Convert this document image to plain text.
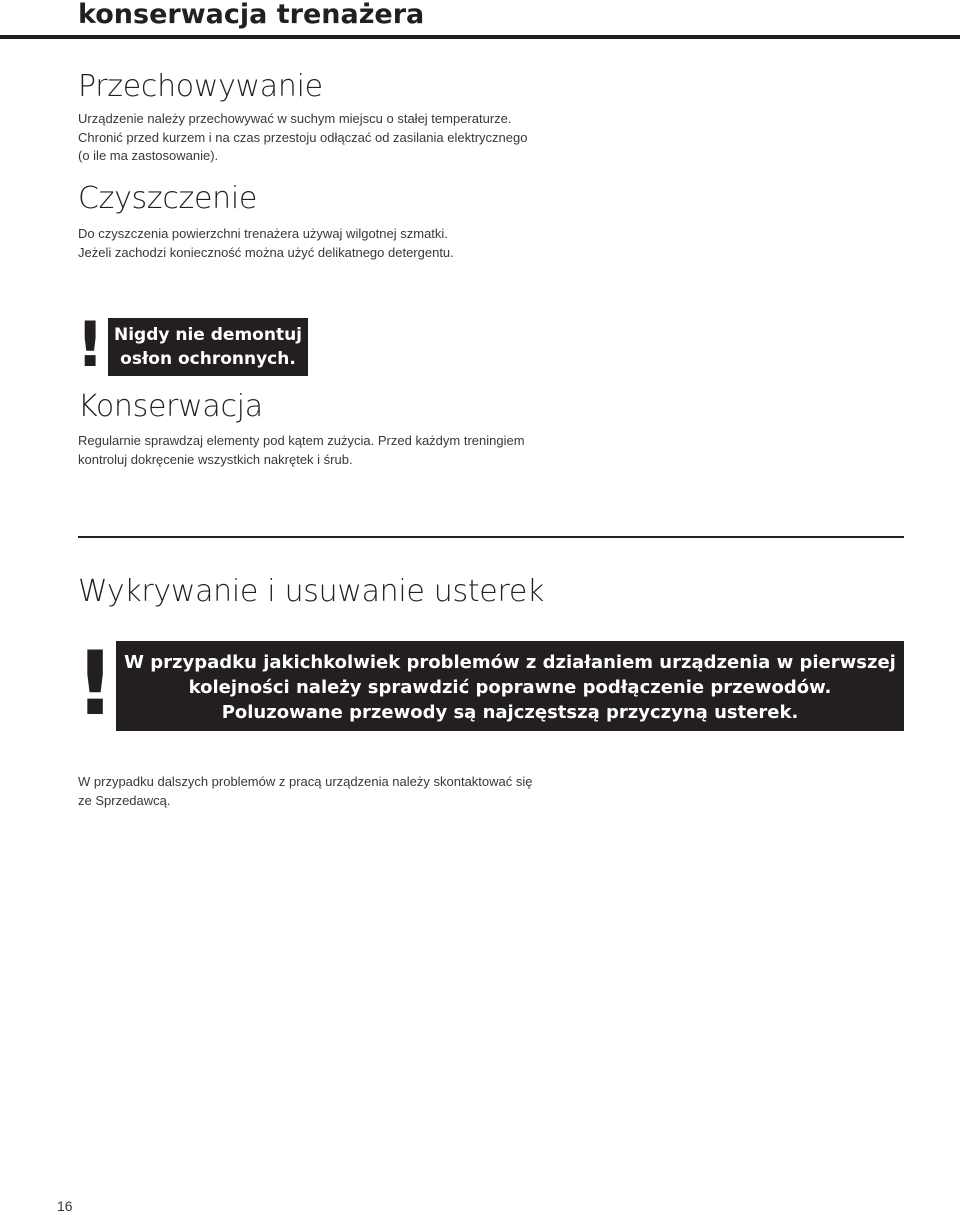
konserwacja trenażera
Przechowywanie

Urządzenie należy przechowywać w suchym miejscu o stałej temperaturze.
Chronić przed kurzem i na czas przestoju odłączać od zasilania elektrycznego
(o ile ma zastosowanie).

Czyszczenie

Do czyszczenia powierzchni trenażera używaj wilgotnej szmatki.
Jeżeli zachodzi konieczność można użyć delikatnego detergentu.

! Nigdy nie demontuj
osłon ochronnych.
Konserwacja

Regularnie sprawdzaj elementy pod kątem zużycia. Przed każdym treningiem
kontroluj dokręcenie wszystkich nakrętek i śrub.

Wykrywanie i usuwanie usterek
! W przypadku jakichkolwiek problemów z działaniem urządzenia w pierwszej
kolejności należy sprawdzić poprawne podłączenie przewodów.
Poluzowane przewody są najczęstszą przyczyną usterek.

W przypadku dalszych problemów z pracą urządzenia należy skontaktować się
ze Sprzedawcą.

16
